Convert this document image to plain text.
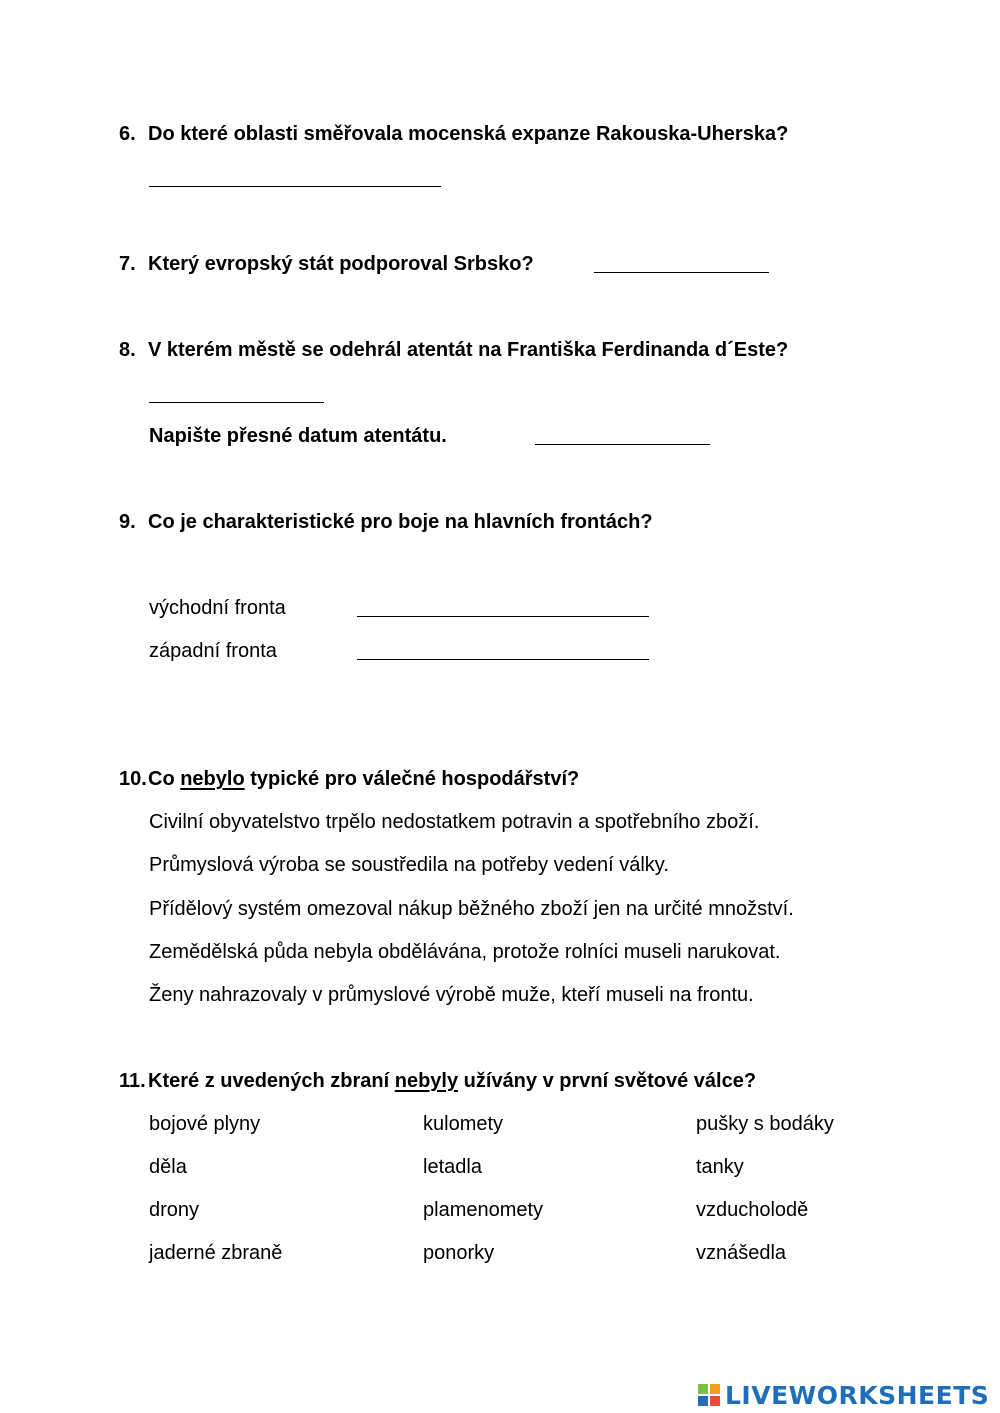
6. Do které oblasti směřovala mocenská expanze Rakouska-Uherska?
7. Který evropský stát podporoval Srbsko?
8. V kterém městě se odehrál atentát na Františka Ferdinanda d´Este?
Napište přesné datum atentátu.
9. Co je charakteristické pro boje na hlavních frontách?
východní fronta
západní fronta
10.Co nebylo typické pro válečné hospodářství?
Civilní obyvatelstvo trpělo nedostatkem potravin a spotřebního zboží.
Průmyslová výroba se soustředila na potřeby vedení války.
Přídělový systém omezoval nákup běžného zboží jen na určité množství.
Zemědělská půda nebyla obdělávána, protože rolníci museli narukovat.
Ženy nahrazovaly v průmyslové výrobě muže, kteří museli na frontu.
11. Které z uvedených zbraní nebyly užívány v první světové válce?
bojové plyny	kulomety	pušky s bodáky
děla	letadla	tanky
drony	plamenomety	vzducholodě
jaderné zbraně	ponorky	vznášedla
LIVEWORKSHEETS
